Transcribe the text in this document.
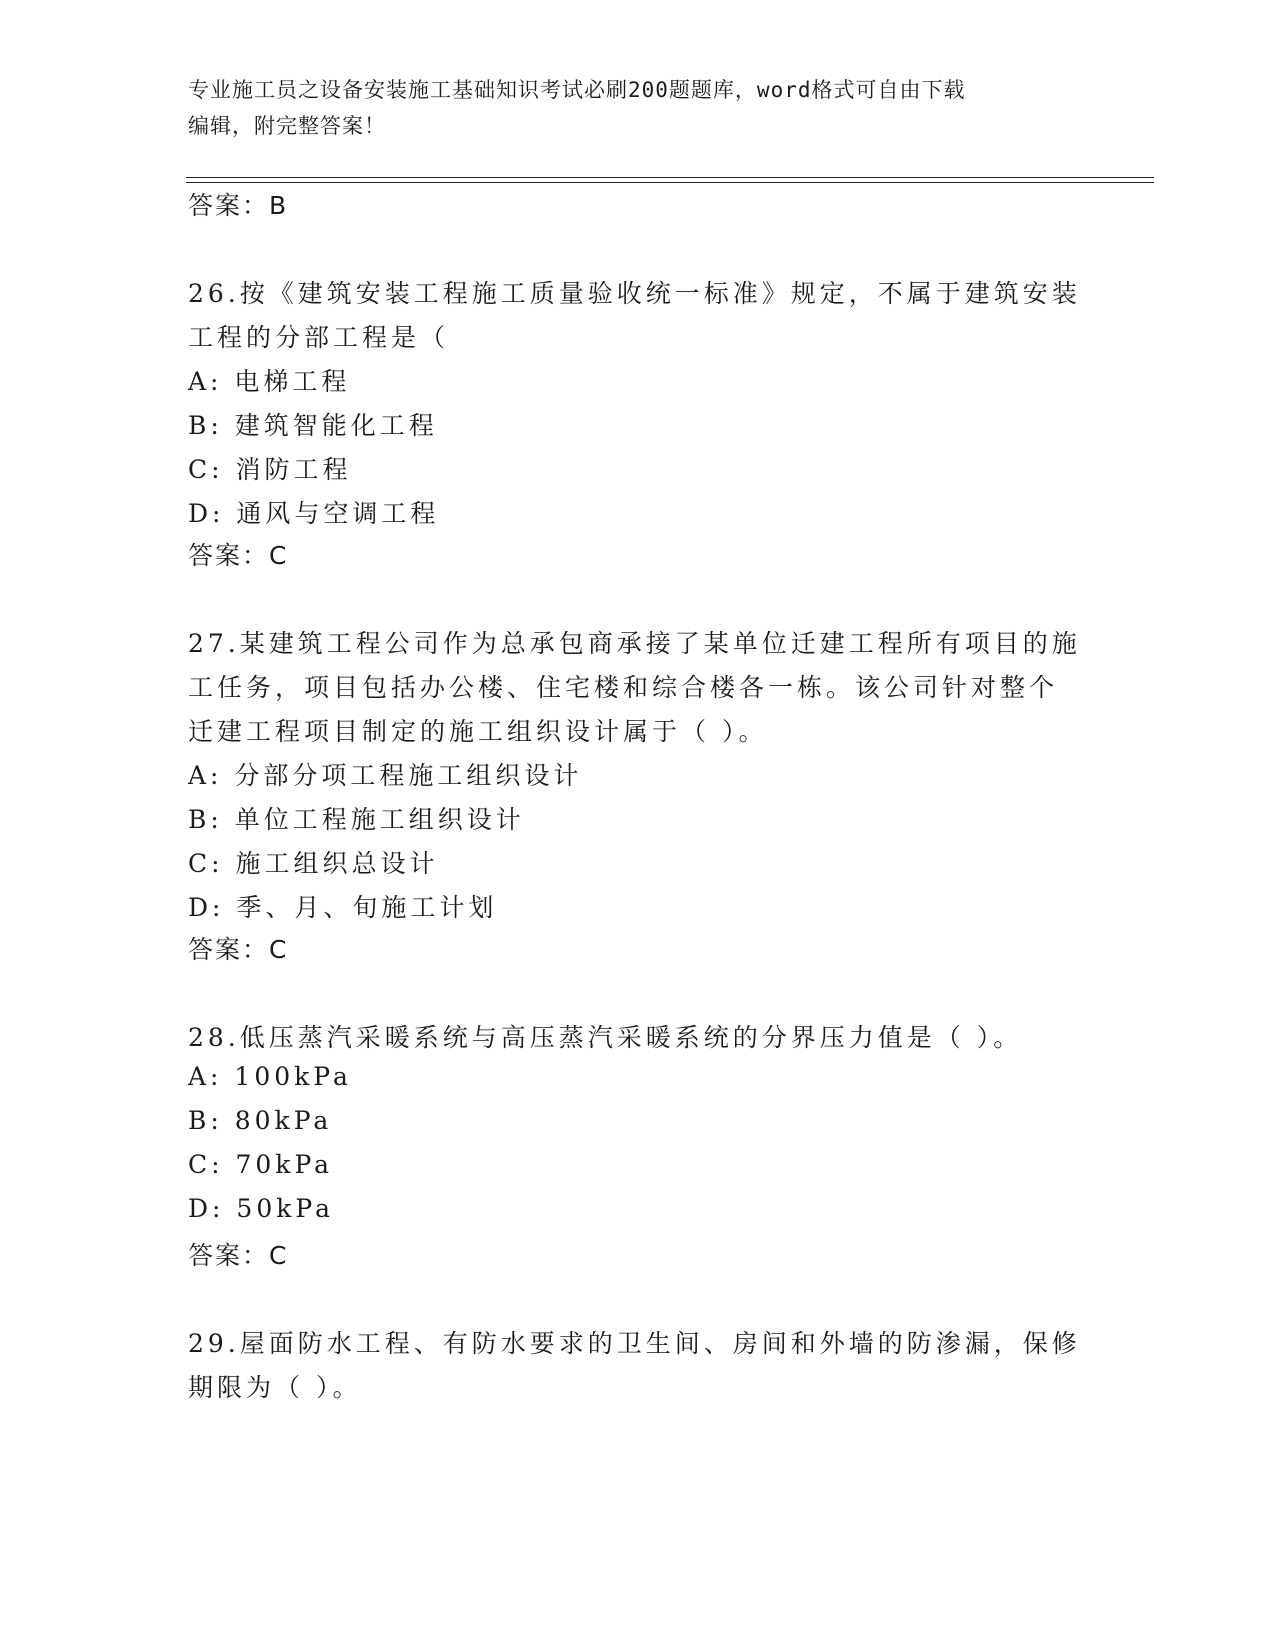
专业施工员之设备安装施工基础知识考试必刷200题题库，word格式可自由下载
编辑，附完整答案！
答案：B
26.按《建筑安装工程施工质量验收统一标准》规定，不属于建筑安装
工程的分部工程是（
A: 电梯工程
B: 建筑智能化工程
C: 消防工程
D: 通风与空调工程
答案：C
27.某建筑工程公司作为总承包商承接了某单位迁建工程所有项目的施
工任务，项目包括办公楼、住宅楼和综合楼各一栋。该公司针对整个
迁建工程项目制定的施工组织设计属于（ ）。
A: 分部分项工程施工组织设计
B: 单位工程施工组织设计
C: 施工组织总设计
D: 季、月、旬施工计划
答案：C
28.低压蒸汽采暖系统与高压蒸汽采暖系统的分界压力值是（ ）。
A: 100kPa
B: 80kPa
C: 70kPa
D: 50kPa
答案：C
29.屋面防水工程、有防水要求的卫生间、房间和外墙的防渗漏，保修
期限为（ ）。
